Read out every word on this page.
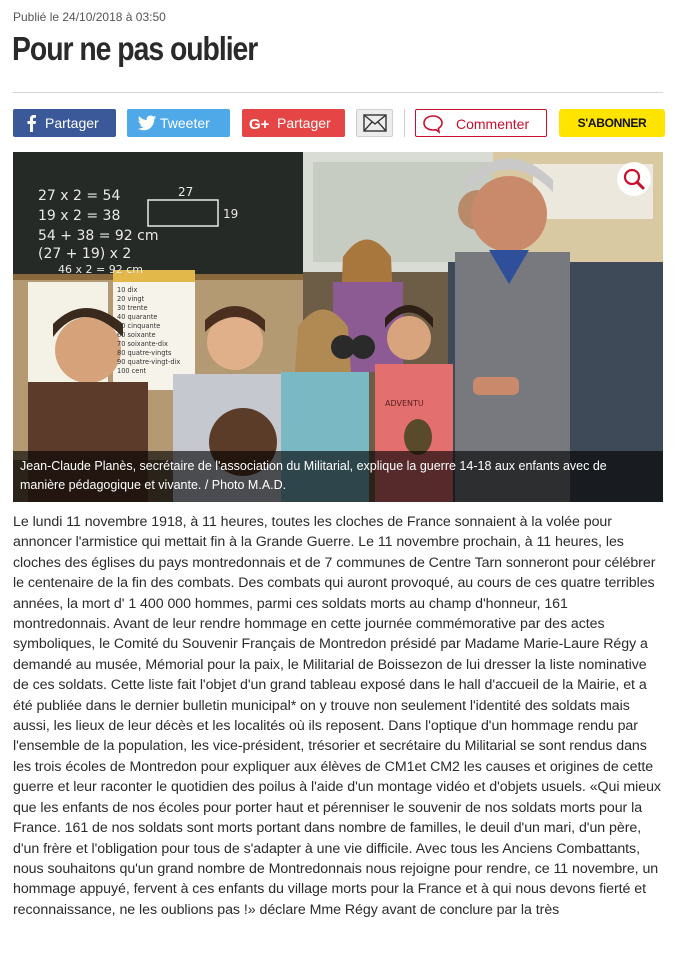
Publié le 24/10/2018 à 03:50
Pour ne pas oublier
Partager	Tweeter	G+ Partager	Commenter	S'ABONNER
27 x 2 = 54
19 x 2 = 38
54 + 38 = 92 cm
(27 + 19) x 2
46 x 2 = 92 cm
27
19
10 dix
20 vingt
30 trente
40 quarante
50 cinquante
60 soixante
70 soixante-dix
80 quatre-vingts
90 quatre-vingt-dix
100 cent
ADVENTU
Jean-Claude Planès, secrétaire de l'association du Militarial, explique la guerre 14-18 aux enfants avec de manière pédagogique et vivante. / Photo M.A.D.
Le lundi 11 novembre 1918, à 11 heures, toutes les cloches de France sonnaient à la volée pour annoncer l'armistice qui mettait fin à la Grande Guerre. Le 11 novembre prochain, à 11 heures, les cloches des églises du pays montredonnais et de 7 communes de Centre Tarn sonneront pour célébrer le centenaire de la fin des combats. Des combats qui auront provoqué, au cours de ces quatre terribles années, la mort d' 1 400 000 hommes, parmi ces soldats morts au champ d'honneur, 161 montredonnais. Avant de leur rendre hommage en cette journée commémorative par des actes symboliques, le Comité du Souvenir Français de Montredon présidé par Madame Marie-Laure Régy a demandé au musée, Mémorial pour la paix, le Militarial de Boissezon de lui dresser la liste nominative de ces soldats. Cette liste fait l'objet d'un grand tableau exposé dans le hall d'accueil de la Mairie, et a été publiée dans le dernier bulletin municipal* on y trouve non seulement l'identité des soldats mais aussi, les lieux de leur décès et les localités où ils reposent. Dans l'optique d'un hommage rendu par l'ensemble de la population, les vice-président, trésorier et secrétaire du Militarial se sont rendus dans les trois écoles de Montredon pour expliquer aux élèves de CM1et CM2 les causes et origines de cette guerre et leur raconter le quotidien des poilus à l'aide d'un montage vidéo et d'objets usuels. «Qui mieux que les enfants de nos écoles pour porter haut et pérenniser le souvenir de nos soldats morts pour la France. 161 de nos soldats sont morts portant dans nombre de familles, le deuil d'un mari, d'un père, d'un frère et l'obligation pour tous de s'adapter à une vie difficile. Avec tous les Anciens Combattants, nous souhaitons qu'un grand nombre de Montredonnais nous rejoigne pour rendre, ce 11 novembre, un hommage appuyé, fervent à ces enfants du village morts pour la France et à qui nous devons fierté et reconnaissance, ne les oublions pas !» déclare Mme Régy avant de conclure par la très
